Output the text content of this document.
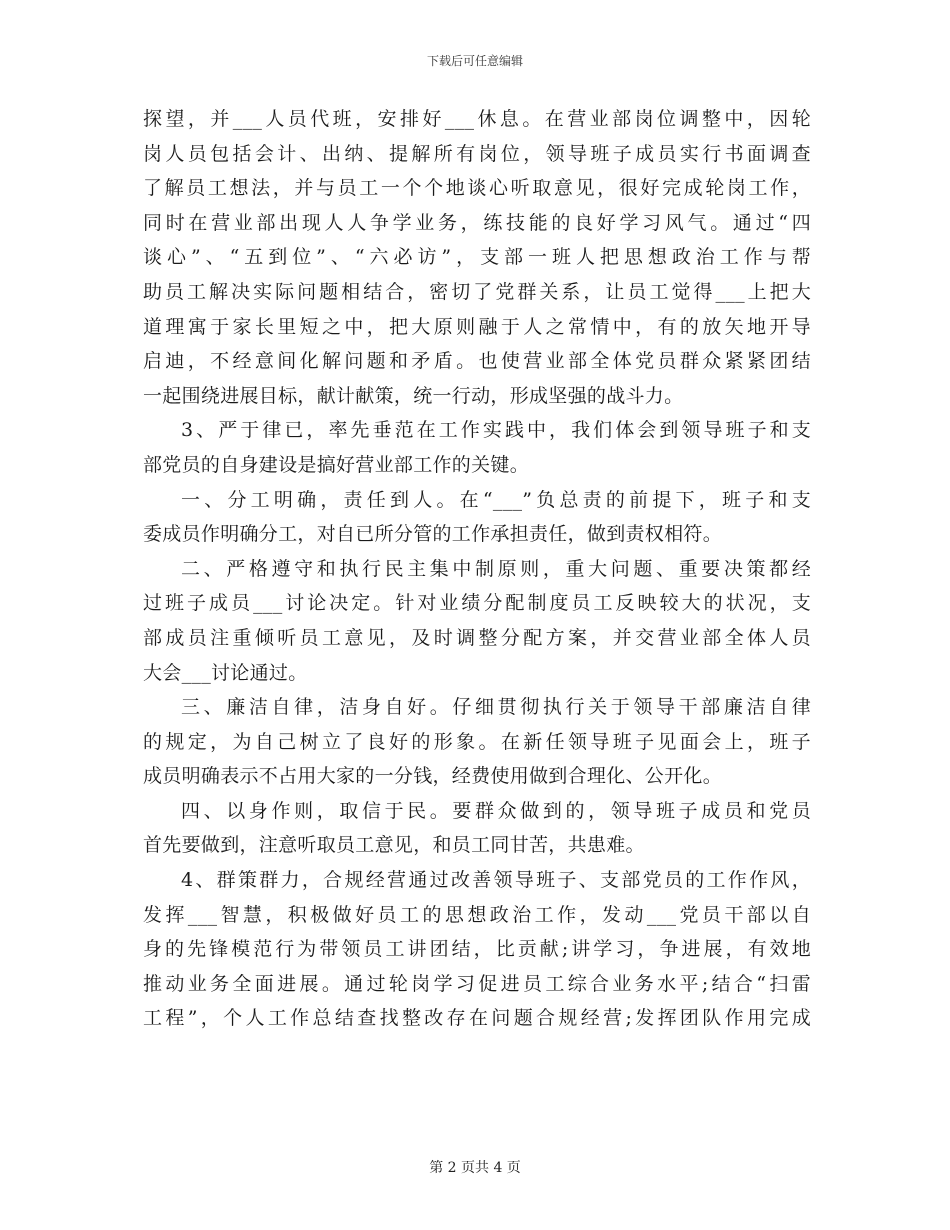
下载后可任意编辑
探望，并___人员代班，安排好___休息。在营业部岗位调整中，因轮
岗人员包括会计、出纳、提解所有岗位，领导班子成员实行书面调查
了解员工想法，并与员工一个个地谈心听取意见，很好完成轮岗工作，
同时在营业部出现人人争学业务，练技能的良好学习风气。通过“四
谈心”、“五到位”、“六必访”，支部一班人把思想政治工作与帮
助员工解决实际问题相结合，密切了党群关系，让员工觉得___上把大
道理寓于家长里短之中，把大原则融于人之常情中，有的放矢地开导
启迪，不经意间化解问题和矛盾。也使营业部全体党员群众紧紧团结
一起围绕进展目标，献计献策，统一行动，形成坚强的战斗力。
3、严于律已，率先垂范在工作实践中，我们体会到领导班子和支
部党员的自身建设是搞好营业部工作的关键。
一、分工明确，责任到人。在“___”负总责的前提下，班子和支
委成员作明确分工，对自已所分管的工作承担责任，做到责权相符。
二、严格遵守和执行民主集中制原则，重大问题、重要决策都经
过班子成员___讨论决定。针对业绩分配制度员工反映较大的状况，支
部成员注重倾听员工意见，及时调整分配方案，并交营业部全体人员
大会___讨论通过。
三、廉洁自律，洁身自好。仔细贯彻执行关于领导干部廉洁自律
的规定，为自己树立了良好的形象。在新任领导班子见面会上，班子
成员明确表示不占用大家的一分钱，经费使用做到合理化、公开化。
四、以身作则，取信于民。要群众做到的，领导班子成员和党员
首先要做到，注意听取员工意见，和员工同甘苦，共患难。
4、群策群力，合规经营通过改善领导班子、支部党员的工作作风，
发挥___智慧，积极做好员工的思想政治工作，发动___党员干部以自
身的先锋模范行为带领员工讲团结，比贡献;讲学习，争进展，有效地
推动业务全面进展。通过轮岗学习促进员工综合业务水平;结合“扫雷
工程”，个人工作总结查找整改存在问题合规经营;发挥团队作用完成
第 2 页共 4 页
